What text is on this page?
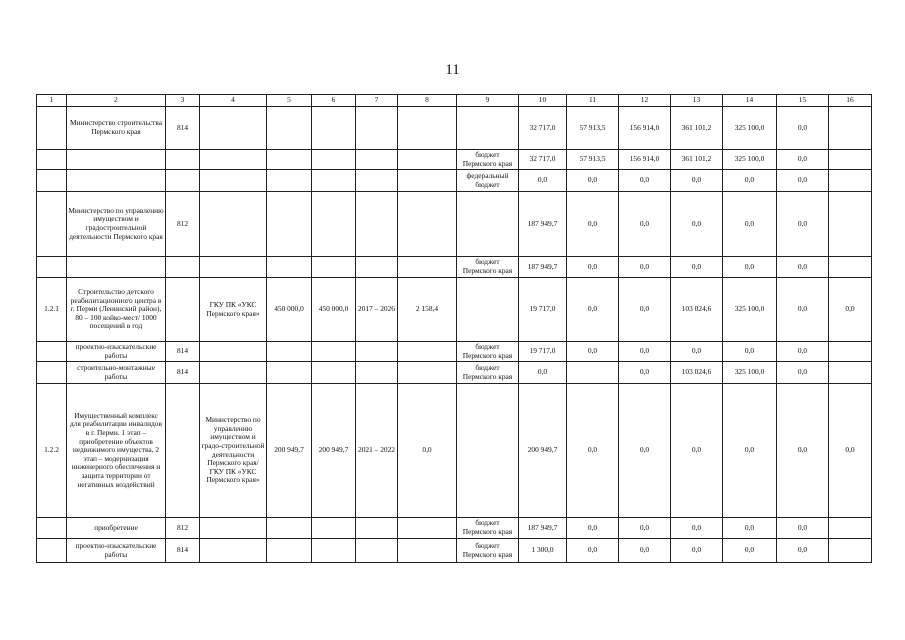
11
1	2	3	4	5	6	7	8	9	10	11	12	13	14	15	16
	Министерство строительства Пермского края	814							32 717,0	57 913,5	156 914,0	361 101,2	325 100,0	0,0	
								бюджет Пермского края	32 717,0	57 913,5	156 914,0	361 101,2	325 100,0	0,0	
								федеральный бюджет	0,0	0,0	0,0	0,0	0,0	0,0	
	Министерство по управлению имуществом и градостроительной деятельности Пермского края	812							187 949,7	0,0	0,0	0,0	0,0	0,0	
								бюджет Пермского края	187 949,7	0,0	0,0	0,0	0,0	0,0	
1.2.1	Строительство детского реабилитационного центра в г. Перми (Ленинский район), 80 – 100 койко-мест/ 1000 посещений в год		ГКУ ПК «УКС Пермского края»	450 000,0	450 000,0	2017 – 2026	2 158,4		19 717,0	0,0	0,0	103 024,6	325 100,0	0,0	0,0
	проектно-изыскательские работы	814						бюджет Пермского края	19 717,0	0,0	0,0	0,0	0,0	0,0	
	строительно-монтажные работы	814						бюджет Пермского края	0,0		0,0	103 024,6	325 100,0	0,0	
1.2.2	Имущественный комплекс для реабилитации инвалидов в г. Перми. 1 этап – приобретение объектов недвижимого имущества, 2 этап – модернизация инженерного обеспечения и защита территории от негативных воздействий		Министерство по управлению имуществом и градо-строительной деятельности Пермского края/ ГКУ ПК «УКС Пермского края»	200 949,7	200 949,7	2021 – 2022	0,0		200 949,7	0,0	0,0	0,0	0,0	0,0	0,0
	приобретение	812						бюджет Пермского края	187 949,7	0,0	0,0	0,0	0,0	0,0	
	проектно-изыскательские работы	814						бюджет Пермского края	1 300,0	0,0	0,0	0,0	0,0	0,0	
